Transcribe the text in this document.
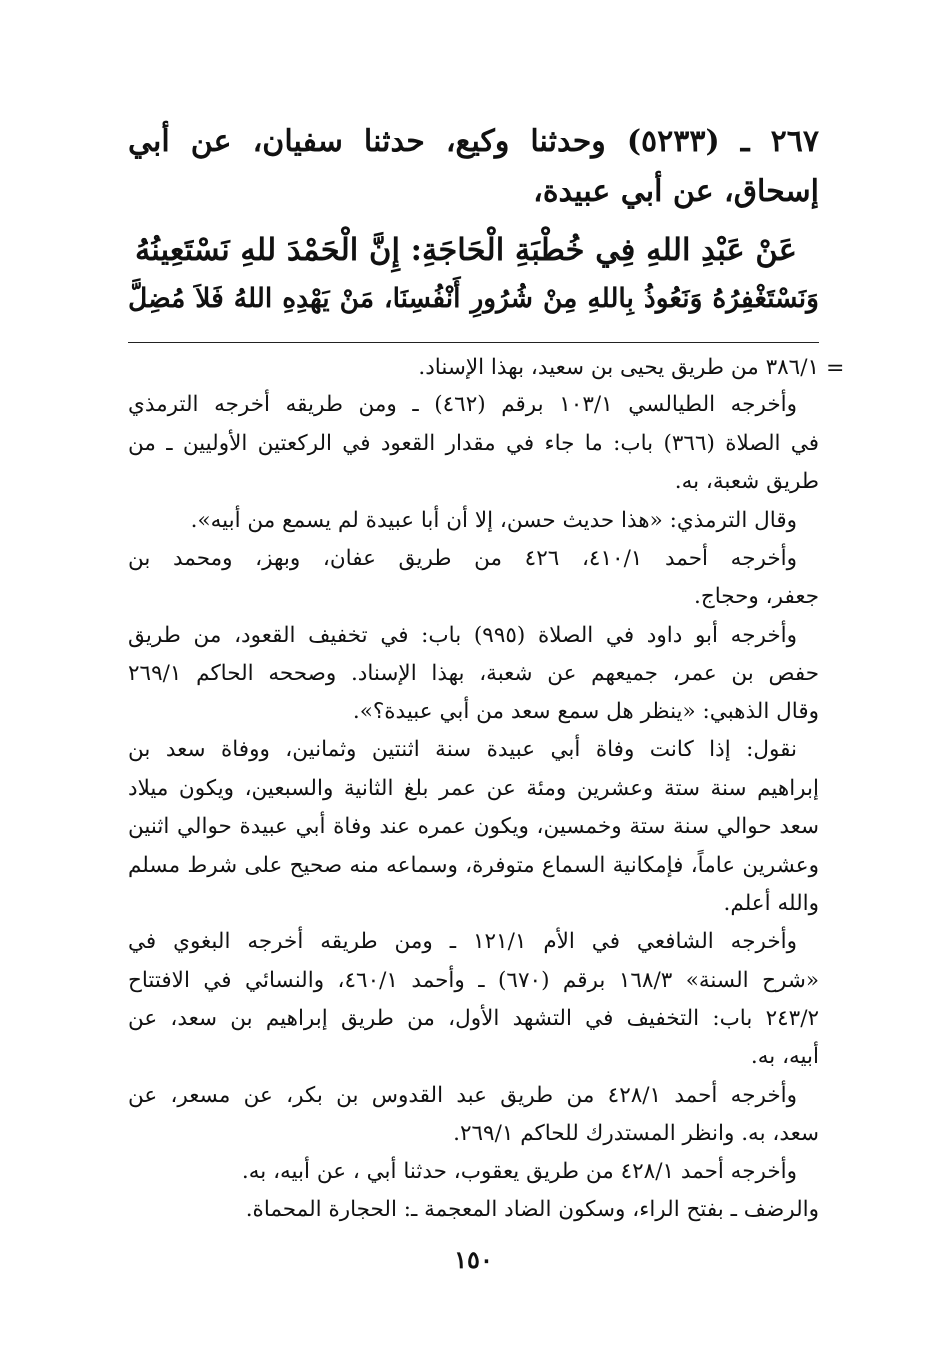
٢٦٧ ـ (٥٢٣٣) وحدثنا وكيع، حدثنا سفيان، عن أبي
إسحاق، عن أبي عبيدة،
عَنْ عَبْدِ اللهِ فِي خُطْبَةِ الْحَاجَةِ: إِنَّ الْحَمْدَ للهِ نَسْتَعِينُهُ
وَنَسْتَغْفِرُهُ وَنَعُوذُ بِاللهِ مِنْ شُرُورِ أَنْفُسِنَا، مَنْ يَهْدِهِ اللهُ فَلاَ مُضِلَّ
=
٣٨٦/١ من طريق يحيى بن سعيد، بهذا الإسناد.
وأخرجه الطيالسي ١٠٣/١ برقم (٤٦٢) ـ ومن طريقه أخرجه الترمذي
في الصلاة (٣٦٦) باب: ما جاء في مقدار القعود في الركعتين الأوليين ـ من
طريق شعبة، به.
وقال الترمذي: «هذا حديث حسن، إلا أن أبا عبيدة لم يسمع من أبيه».
وأخرجه أحمد ٤١٠/١، ٤٢٦ من طريق عفان، وبهز، ومحمد بن
جعفر، وحجاج.
وأخرجه أبو داود في الصلاة (٩٩٥) باب: في تخفيف القعود، من طريق
حفص بن عمر، جميعهم عن شعبة، بهذا الإسناد. وصححه الحاكم ٢٦٩/١
وقال الذهبي: «ينظر هل سمع سعد من أبي عبيدة؟».
نقول: إذا كانت وفاة أبي عبيدة سنة اثنتين وثمانين، ووفاة سعد بن
إبراهيم سنة ستة وعشرين ومئة عن عمر بلغ الثانية والسبعين، ويكون ميلاد
سعد حوالي سنة ستة وخمسين، ويكون عمره عند وفاة أبي عبيدة حوالي اثنين
وعشرين عاماً، فإمكانية السماع متوفرة، وسماعه منه صحيح على شرط مسلم
والله أعلم.
وأخرجه الشافعي في الأم ١٢١/١ ـ ومن طريقه أخرجه البغوي في
«شرح السنة» ١٦٨/٣ برقم (٦٧٠) ـ وأحمد ٤٦٠/١، والنسائي في الافتتاح
٢٤٣/٢ باب: التخفيف في التشهد الأول، من طريق إبراهيم بن سعد، عن
أبيه، به.
وأخرجه أحمد ٤٢٨/١ من طريق عبد القدوس بن بكر، عن مسعر، عن
سعد، به. وانظر المستدرك للحاكم ٢٦٩/١.
وأخرجه أحمد ٤٢٨/١ من طريق يعقوب، حدثنا أبي ، عن أبيه، به.
والرضف ـ بفتح الراء، وسكون الضاد المعجمة ـ: الحجارة المحماة.
١٥٠
